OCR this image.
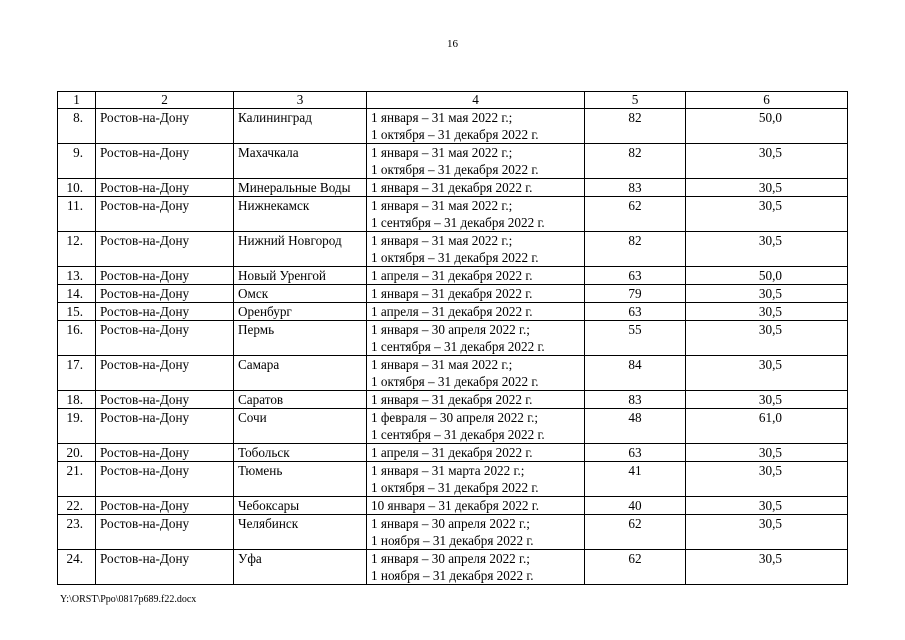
16
1	2	3	4	5	6
8.	Ростов-на-Дону	Калининград	1 января – 31 мая 2022 г.;
1 октября – 31 декабря 2022 г.	82	50,0
9.	Ростов-на-Дону	Махачкала	1 января – 31 мая 2022 г.;
1 октября – 31 декабря 2022 г.	82	30,5
10.	Ростов-на-Дону	Минеральные Воды	1 января – 31 декабря 2022 г.	83	30,5
11.	Ростов-на-Дону	Нижнекамск	1 января – 31 мая 2022 г.;
1 сентября – 31 декабря 2022 г.	62	30,5
12.	Ростов-на-Дону	Нижний Новгород	1 января – 31 мая 2022 г.;
1 октября – 31 декабря 2022 г.	82	30,5
13.	Ростов-на-Дону	Новый Уренгой	1 апреля – 31 декабря 2022 г.	63	50,0
14.	Ростов-на-Дону	Омск	1 января – 31 декабря 2022 г.	79	30,5
15.	Ростов-на-Дону	Оренбург	1 апреля – 31 декабря 2022 г.	63	30,5
16.	Ростов-на-Дону	Пермь	1 января – 30 апреля 2022 г.;
1 сентября – 31 декабря 2022 г.	55	30,5
17.	Ростов-на-Дону	Самара	1 января – 31 мая 2022 г.;
1 октября – 31 декабря 2022 г.	84	30,5
18.	Ростов-на-Дону	Саратов	1 января – 31 декабря 2022 г.	83	30,5
19.	Ростов-на-Дону	Сочи	1 февраля – 30 апреля 2022 г.;
1 сентября – 31 декабря 2022 г.	48	61,0
20.	Ростов-на-Дону	Тобольск	1 апреля – 31 декабря 2022 г.	63	30,5
21.	Ростов-на-Дону	Тюмень	1 января – 31 марта 2022 г.;
1 октября – 31 декабря 2022 г.	41	30,5
22.	Ростов-на-Дону	Чебоксары	10 января – 31 декабря 2022 г.	40	30,5
23.	Ростов-на-Дону	Челябинск	1 января – 30 апреля 2022 г.;
1 ноября – 31 декабря 2022 г.	62	30,5
24.	Ростов-на-Дону	Уфа	1 января – 30 апреля 2022 г.;
1 ноября – 31 декабря 2022 г.	62	30,5
Y:\ORST\Ppo\0817p689.f22.docx
